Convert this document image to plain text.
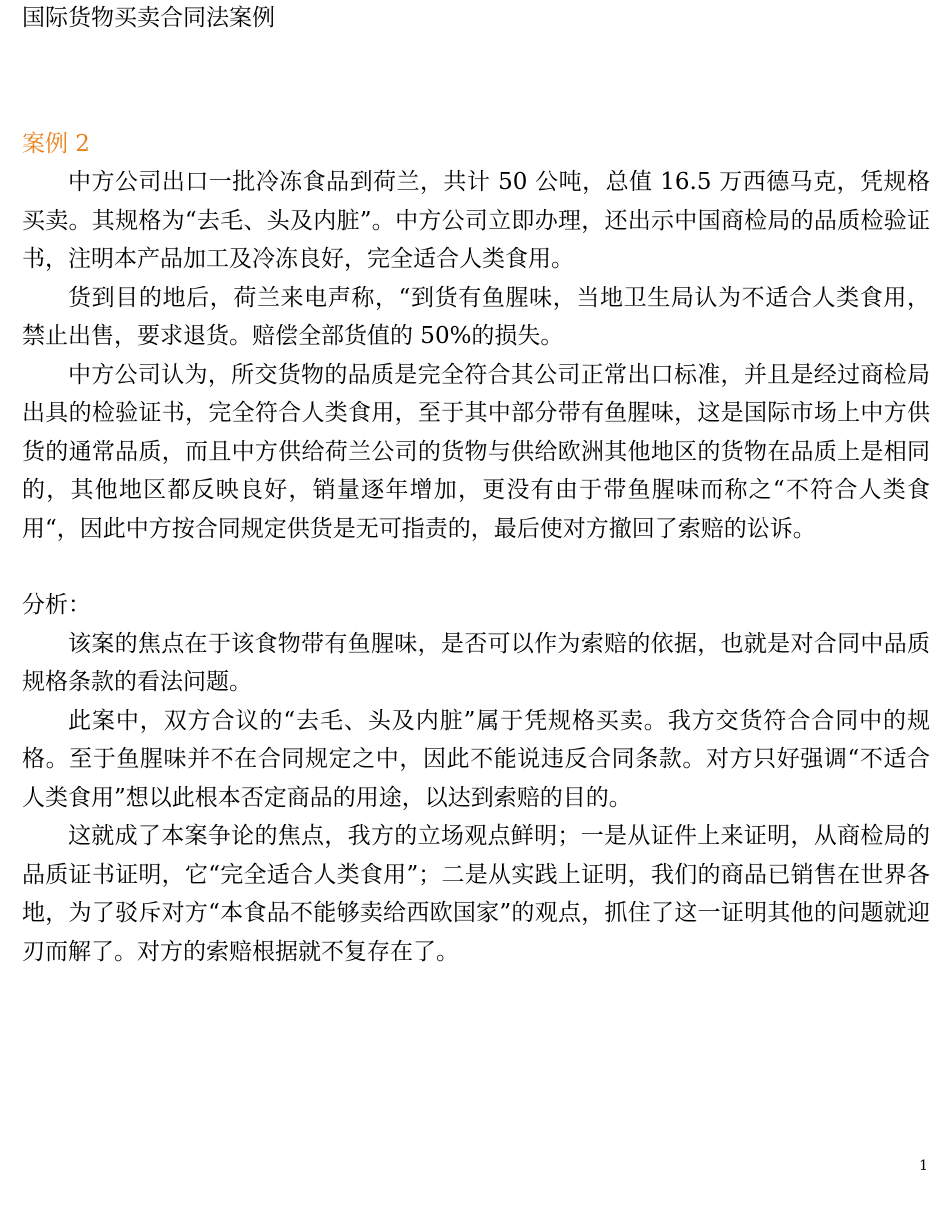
国际货物买卖合同法案例
案例 2

中方公司出口一批冷冻食品到荷兰，共计 50 公吨，总值 16.5 万西德马克，凭规格买卖。其规格为“去毛、头及内脏”。中方公司立即办理，还出示中国商检局的品质检验证书，注明本产品加工及冷冻良好，完全适合人类食用。

货到目的地后，荷兰来电声称，“到货有鱼腥味，当地卫生局认为不适合人类食用，禁止出售，要求退货。赔偿全部货值的 50%的损失。

中方公司认为，所交货物的品质是完全符合其公司正常出口标准，并且是经过商检局出具的检验证书，完全符合人类食用，至于其中部分带有鱼腥味，这是国际市场上中方供货的通常品质，而且中方供给荷兰公司的货物与供给欧洲其他地区的货物在品质上是相同的，其他地区都反映良好，销量逐年增加，更没有由于带鱼腥味而称之“不符合人类食用“，因此中方按合同规定供货是无可指责的，最后使对方撤回了索赔的讼诉。

分析：

该案的焦点在于该食物带有鱼腥味，是否可以作为索赔的依据，也就是对合同中品质规格条款的看法问题。

此案中，双方合议的“去毛、头及内脏”属于凭规格买卖。我方交货符合合同中的规格。至于鱼腥味并不在合同规定之中，因此不能说违反合同条款。对方只好强调“不适合人类食用”想以此根本否定商品的用途，以达到索赔的目的。

这就成了本案争论的焦点，我方的立场观点鲜明；一是从证件上来证明，从商检局的品质证书证明，它“完全适合人类食用”；二是从实践上证明，我们的商品已销售在世界各地，为了驳斥对方“本食品不能够卖给西欧国家”的观点，抓住了这一证明其他的问题就迎刃而解了。对方的索赔根据就不复存在了。

1
